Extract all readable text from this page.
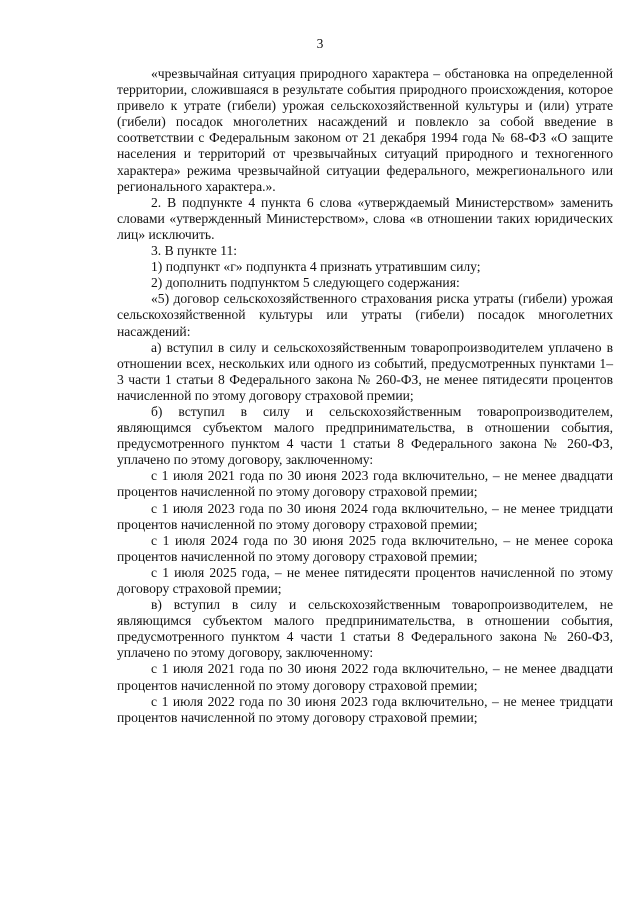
3

«чрезвычайная ситуация природного характера – обстановка на определенной территории, сложившаяся в результате события природного происхождения, которое привело к утрате (гибели) урожая сельскохозяйственной культуры и (или) утрате (гибели) посадок многолетних насаждений и повлекло за собой введение в соответствии с Федеральным законом от 21 декабря 1994 года № 68-ФЗ «О защите населения и территорий от чрезвычайных ситуаций природного и техногенного характера» режима чрезвычайной ситуации федерального, межрегионального или регионального характера.».

2. В подпункте 4 пункта 6 слова «утверждаемый Министерством» заменить словами «утвержденный Министерством», слова «в отношении таких юридических лиц» исключить.

3. В пункте 11:

1) подпункт «г» подпункта 4 признать утратившим силу;

2) дополнить подпунктом 5 следующего содержания:

«5) договор сельскохозяйственного страхования риска утраты (гибели) урожая сельскохозяйственной культуры или утраты (гибели) посадок многолетних насаждений:

а) вступил в силу и сельскохозяйственным товаропроизводителем уплачено в отношении всех, нескольких или одного из событий, предусмотренных пунктами 1–3 части 1 статьи 8 Федерального закона № 260-ФЗ, не менее пятидесяти процентов начисленной по этому договору страховой премии;

б) вступил в силу и сельскохозяйственным товаропроизводителем, являющимся субъектом малого предпринимательства, в отношении события, предусмотренного пунктом 4 части 1 статьи 8 Федерального закона № 260-ФЗ, уплачено по этому договору, заключенному:

с 1 июля 2021 года по 30 июня 2023 года включительно, – не менее двадцати процентов начисленной по этому договору страховой премии;

с 1 июля 2023 года по 30 июня 2024 года включительно, – не менее тридцати процентов начисленной по этому договору страховой премии;

с 1 июля 2024 года по 30 июня 2025 года включительно, – не менее сорока процентов начисленной по этому договору страховой премии;

с 1 июля 2025 года, – не менее пятидесяти процентов начисленной по этому договору страховой премии;

в) вступил в силу и сельскохозяйственным товаропроизводителем, не являющимся субъектом малого предпринимательства, в отношении события, предусмотренного пунктом 4 части 1 статьи 8 Федерального закона № 260-ФЗ, уплачено по этому договору, заключенному:

с 1 июля 2021 года по 30 июня 2022 года включительно, – не менее двадцати процентов начисленной по этому договору страховой премии;

с 1 июля 2022 года по 30 июня 2023 года включительно, – не менее тридцати процентов начисленной по этому договору страховой премии;
